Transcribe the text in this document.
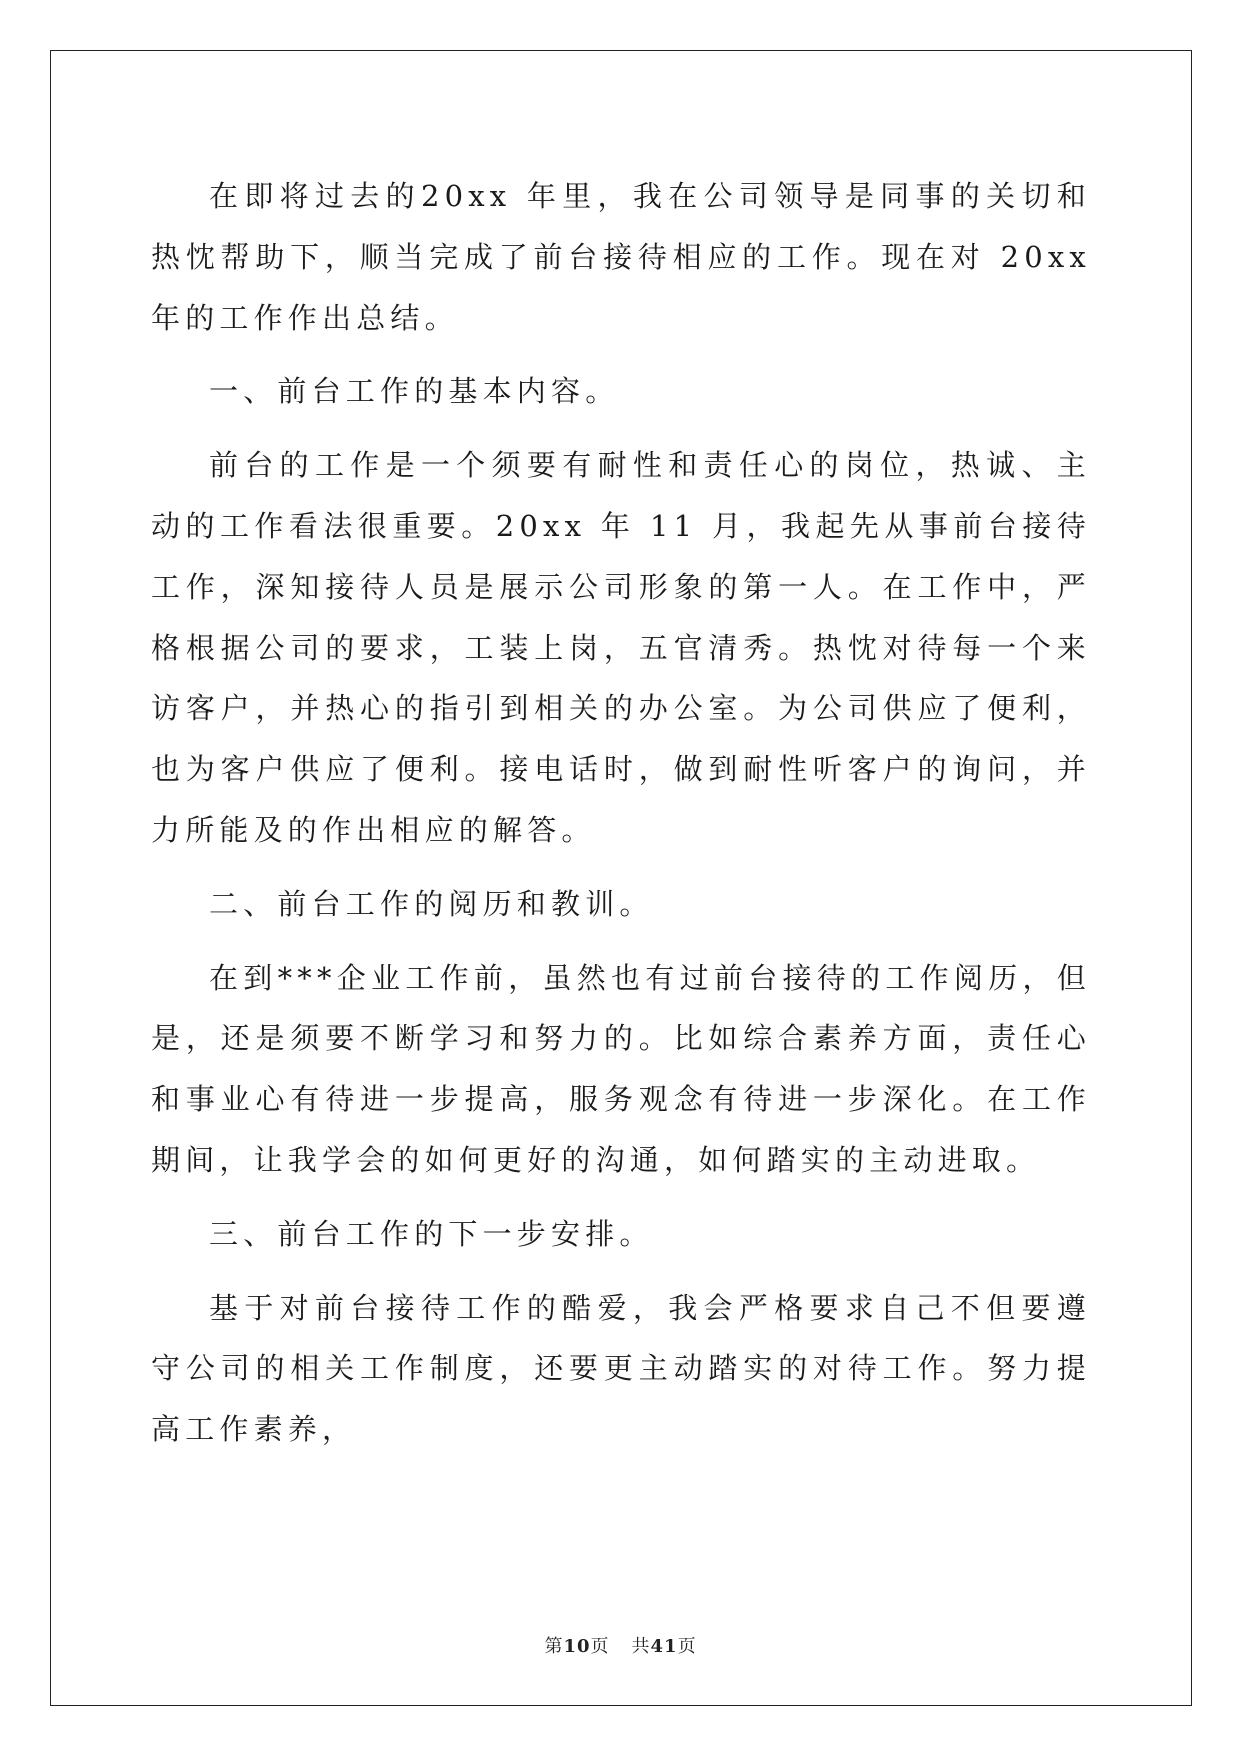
在即将过去的20xx 年里，我在公司领导是同事的关切和热忱帮助下，顺当完成了前台接待相应的工作。现在对 20xx 年的工作作出总结。

一、前台工作的基本内容。

前台的工作是一个须要有耐性和责任心的岗位，热诚、主动的工作看法很重要。20xx 年 11 月，我起先从事前台接待工作，深知接待人员是展示公司形象的第一人。在工作中，严格根据公司的要求，工装上岗，五官清秀。热忱对待每一个来访客户，并热心的指引到相关的办公室。为公司供应了便利，也为客户供应了便利。接电话时，做到耐性听客户的询问，并力所能及的作出相应的解答。

二、前台工作的阅历和教训。

在到***企业工作前，虽然也有过前台接待的工作阅历，但是，还是须要不断学习和努力的。比如综合素养方面，责任心和事业心有待进一步提高，服务观念有待进一步深化。在工作期间，让我学会的如何更好的沟通，如何踏实的主动进取。

三、前台工作的下一步安排。

基于对前台接待工作的酷爱，我会严格要求自己不但要遵守公司的相关工作制度，还要更主动踏实的对待工作。努力提高工作素养，

第10页 共41页
